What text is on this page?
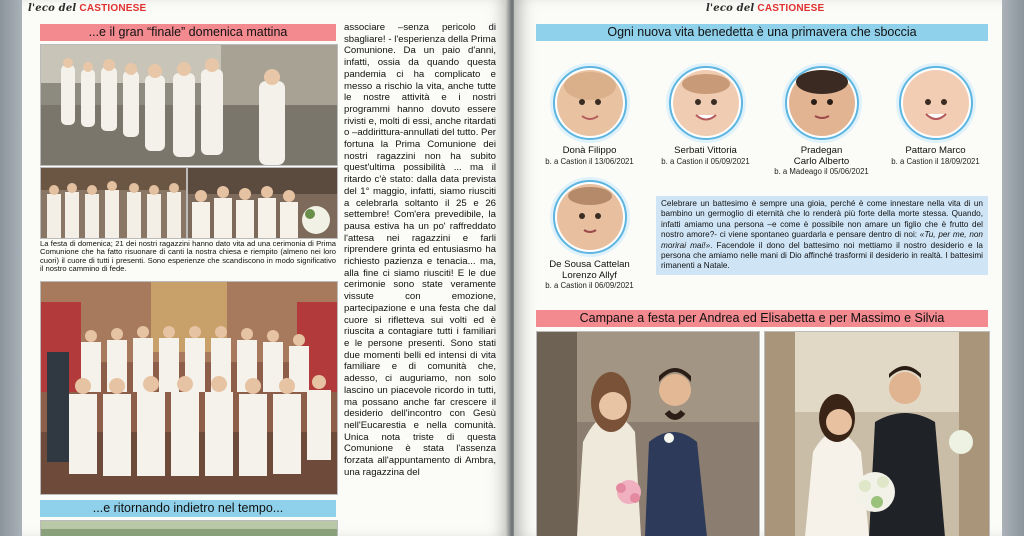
l'eco del CASTIONESE
...e il gran “finale” domenica mattina
La festa di domenica; 21 dei nostri ragazzini hanno dato vita ad una cerimonia di Prima Comunione che ha fatto risuonare di canti la nostra chiesa e riempito (almeno nei loro cuori) il cuore di tutti i presenti. Sono esperienze che scandiscono in modo significativo il nostro cammino di fede.
...e ritornando indietro nel tempo...
associare –senza pericolo di sbagliare! - l'esperienza della Prima Comunione. Da un paio d'anni, infatti, ossia da quando questa pandemia ci ha complicato e messo a rischio la vita, anche tutte le nostre attività e i nostri programmi hanno dovuto essere rivisti e, molti di essi, anche ritardati o –addirittura-annullati del tutto. Per fortuna la Prima Comunione dei nostri ragazzini non ha subito quest'ultima possibilità ... ma il ritardo c'è stato: dalla data prevista del 1° maggio, infatti, siamo riusciti a celebrarla soltanto il 25 e 26 settembre! Com'era prevedibile, la pausa estiva ha un po' raffreddato l'attesa nei ragazzini e farli riprendere grinta ed entusiasmo ha richiesto pazienza e tenacia... ma, alla fine ci siamo riusciti! E le due cerimonie sono state veramente vissute con emozione, partecipazione e una festa che dal cuore si rifletteva sui volti ed è riuscita a contagiare tutti i familiari e le persone presenti. Sono stati due momenti belli ed intensi di vita familiare e di comunità che, adesso, ci auguriamo, non solo lascino un piacevole ricordo in tutti, ma possano anche far crescere il desiderio dell'incontro con Gesù nell'Eucarestia e nella comunità. Unica nota triste di questa Comunione è stata l'assenza forzata all'appuntamento di Ambra, una ragazzina del
l'eco del CASTIONESE
Ogni nuova vita benedetta è una primavera che sboccia
Donà Filippo
b. a Castion il 13/06/2021
Serbati Vittoria
b. a Castion il 05/09/2021
Pradegan
Carlo Alberto
b. a Madeago il 05/06/2021
Pattaro Marco
b. a Castion il 18/09/2021
De Sousa Cattelan
Lorenzo Allyf
b. a Castion il 06/09/2021
Celebrare un battesimo è sempre una gioia, perché è come innestare nella vita di un bambino un germoglio di eternità che lo renderà più forte della morte stessa. Quando, infatti amiamo una persona –e come è possibile non amare un figlio che è frutto del nostro amore?- ci viene spontaneo guardarla e pensare dentro di noi: «Tu, per me, non morirai mai!». Facendole il dono del battesimo noi mettiamo il nostro desiderio e la persona che amiamo nelle mani di Dio affinché trasformi il desiderio in realtà. I battesimi rimanenti a Natale.
Campane a festa per Andrea ed Elisabetta e per Massimo e Silvia
